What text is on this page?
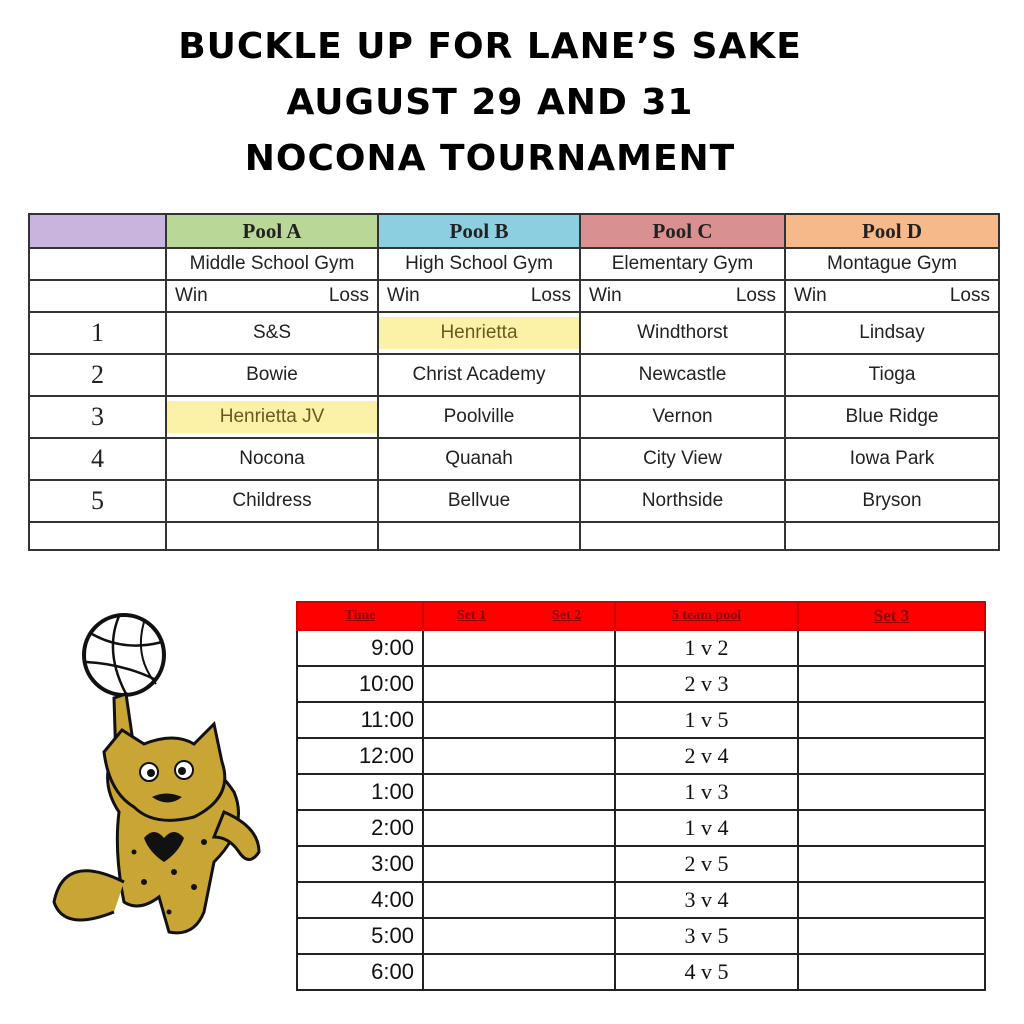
BUCKLE UP FOR LANE’S SAKE
AUGUST 29 AND 31
NOCONA TOURNAMENT
	Pool A	Pool B	Pool C	Pool D
	Middle School Gym	High School Gym	Elementary Gym	Montague Gym

	Win Loss	Win Loss	Win Loss	Win Loss

1	S&S	Henrietta	Windthorst	Lindsay
2	Bowie	Christ Academy	Newcastle	Tioga
3	Henrietta JV	Poolville	Vernon	Blue Ridge
4	Nocona	Quanah	City View	Iowa Park
5	Childress	Bellvue	Northside	Bryson

Time	Set 1 Set 2	5 team pool	Set 3
9:00		1 v 2	
10:00		2 v 3	
11:00		1 v 5	
12:00		2 v 4	
1:00		1 v 3	
2:00		1 v 4	
3:00		2 v 5	
4:00		3 v 4	
5:00		3 v 5	
6:00		4 v 5	
